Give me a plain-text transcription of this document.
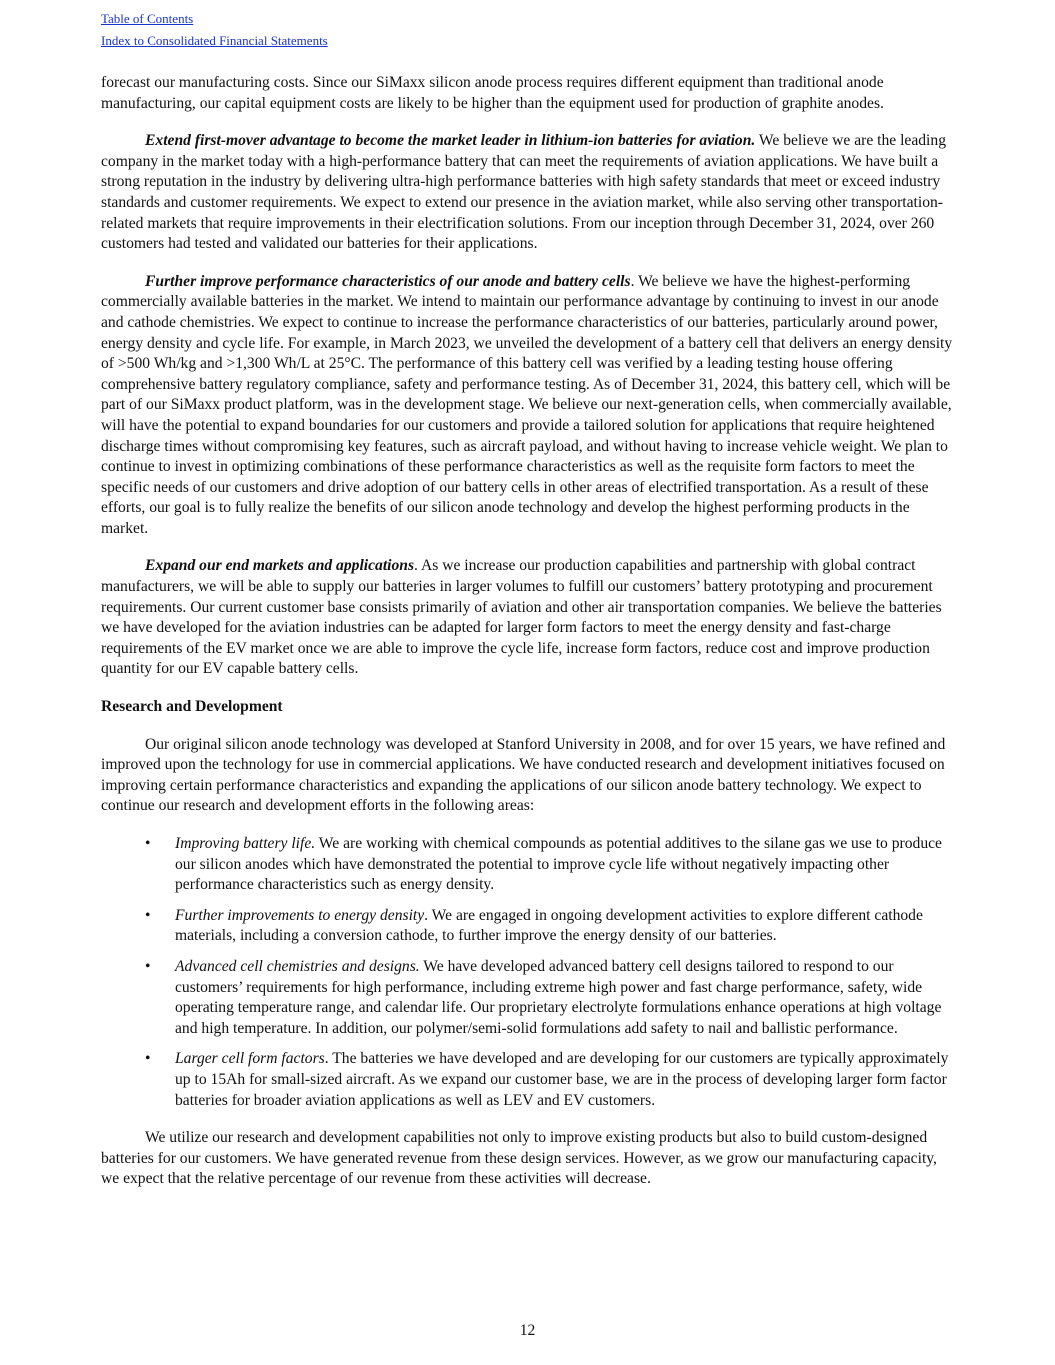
Table of Contents
Index to Consolidated Financial Statements

forecast our manufacturing costs. Since our SiMaxx silicon anode process requires different equipment than traditional anode manufacturing, our capital equipment costs are likely to be higher than the equipment used for production of graphite anodes.

Extend first-mover advantage to become the market leader in lithium-ion batteries for aviation. We believe we are the leading company in the market today with a high-performance battery that can meet the requirements of aviation applications. We have built a strong reputation in the industry by delivering ultra-high performance batteries with high safety standards that meet or exceed industry standards and customer requirements. We expect to extend our presence in the aviation market, while also serving other transportation-related markets that require improvements in their electrification solutions. From our inception through December 31, 2024, over 260 customers had tested and validated our batteries for their applications.

Further improve performance characteristics of our anode and battery cells. We believe we have the highest-performing commercially available batteries in the market. We intend to maintain our performance advantage by continuing to invest in our anode and cathode chemistries. We expect to continue to increase the performance characteristics of our batteries, particularly around power, energy density and cycle life. For example, in March 2023, we unveiled the development of a battery cell that delivers an energy density of >500 Wh/kg and >1,300 Wh/L at 25°C. The performance of this battery cell was verified by a leading testing house offering comprehensive battery regulatory compliance, safety and performance testing. As of December 31, 2024, this battery cell, which will be part of our SiMaxx product platform, was in the development stage. We believe our next-generation cells, when commercially available, will have the potential to expand boundaries for our customers and provide a tailored solution for applications that require heightened discharge times without compromising key features, such as aircraft payload, and without having to increase vehicle weight. We plan to continue to invest in optimizing combinations of these performance characteristics as well as the requisite form factors to meet the specific needs of our customers and drive adoption of our battery cells in other areas of electrified transportation. As a result of these efforts, our goal is to fully realize the benefits of our silicon anode technology and develop the highest performing products in the market.

Expand our end markets and applications. As we increase our production capabilities and partnership with global contract manufacturers, we will be able to supply our batteries in larger volumes to fulfill our customers’ battery prototyping and procurement requirements. Our current customer base consists primarily of aviation and other air transportation companies. We believe the batteries we have developed for the aviation industries can be adapted for larger form factors to meet the energy density and fast-charge requirements of the EV market once we are able to improve the cycle life, increase form factors, reduce cost and improve production quantity for our EV capable battery cells.

Research and Development

Our original silicon anode technology was developed at Stanford University in 2008, and for over 15 years, we have refined and improved upon the technology for use in commercial applications. We have conducted research and development initiatives focused on improving certain performance characteristics and expanding the applications of our silicon anode battery technology. We expect to continue our research and development efforts in the following areas:

• Improving battery life. We are working with chemical compounds as potential additives to the silane gas we use to produce our silicon anodes which have demonstrated the potential to improve cycle life without negatively impacting other performance characteristics such as energy density.
• Further improvements to energy density. We are engaged in ongoing development activities to explore different cathode materials, including a conversion cathode, to further improve the energy density of our batteries.
• Advanced cell chemistries and designs. We have developed advanced battery cell designs tailored to respond to our customers’ requirements for high performance, including extreme high power and fast charge performance, safety, wide operating temperature range, and calendar life. Our proprietary electrolyte formulations enhance operations at high voltage and high temperature. In addition, our polymer/semi-solid formulations add safety to nail and ballistic performance.
• Larger cell form factors. The batteries we have developed and are developing for our customers are typically approximately up to 15Ah for small-sized aircraft. As we expand our customer base, we are in the process of developing larger form factor batteries for broader aviation applications as well as LEV and EV customers.

We utilize our research and development capabilities not only to improve existing products but also to build custom-designed batteries for our customers. We have generated revenue from these design services. However, as we grow our manufacturing capacity, we expect that the relative percentage of our revenue from these activities will decrease.

12
